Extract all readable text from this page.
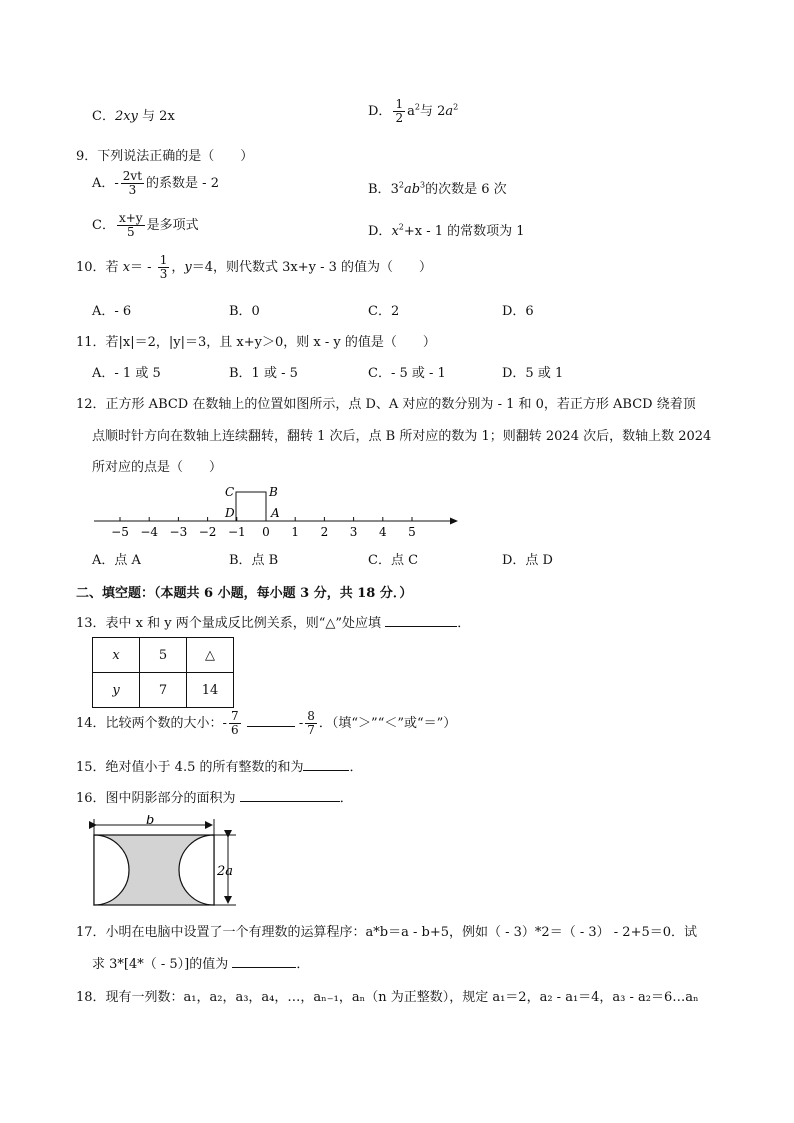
C．2xy 与 2x	D． $\frac{1}{2} a^2$与 $2a^2$
9．下列说法正确的是（　　）
A．- $\frac{2vt}{3}$ 的系数是 - 2	B．$3^2ab^3$的次数是 6 次
C． $\frac{x+y}{5}$ 是多项式	D．$x^2+x - 1$ 的常数项为 1
10．若 $x= - \frac{1}{3}$ ，y＝4，则代数式 3x+y - 3 的值为（　　）
A．- 6	B．0	C．2	D．6
11．若|x|＝2，|y|＝3，且 x+y＞0，则 x - y 的值是（　　）
A．- 1 或 5	B．1 或 - 5	C．- 5 或 - 1	D．5 或 1
12．正方形 ABCD 在数轴上的位置如图所示，点 D、A 对应的数分别为 - 1 和 0，若正方形 ABCD 绕着顶
点顺时针方向在数轴上连续翻转，翻转 1 次后，点 B 所对应的数为 1；则翻转 2024 次后，数轴上数 2024
所对应的点是（　　）
−5 −4 −3 −2 −1 0 1 2 3 4 5
C	B
D	A
A．点 A	B．点 B	C．点 C	D．点 D
二、填空题：（本题共 6 小题，每小题 3 分，共 18 分．）
13．表中 x 和 y 两个量成反比例关系，则“△”处应填	．
x	5	△
y	7	14
14．比较两个数的大小：- $\frac{7}{6}$	- $\frac{8}{7}$ ．（填“＞”“＜”或“＝”）
15．绝对值小于 4.5 的所有整数的和为	．
16．图中阴影部分的面积为	．
b
2a
17．小明在电脑中设置了一个有理数的运算程序：a*b＝a - b+5，例如（ - 3）*2＝（ - 3） - 2+5＝0．试
求 3*[4*（ - 5）]的值为	．
18．现有一列数：a₁，a₂，a₃，a₄，…，aₙ₋₁，aₙ（n 为正整数），规定 a₁＝2，a₂ - a₁＝4，a₃ - a₂＝6…aₙ
